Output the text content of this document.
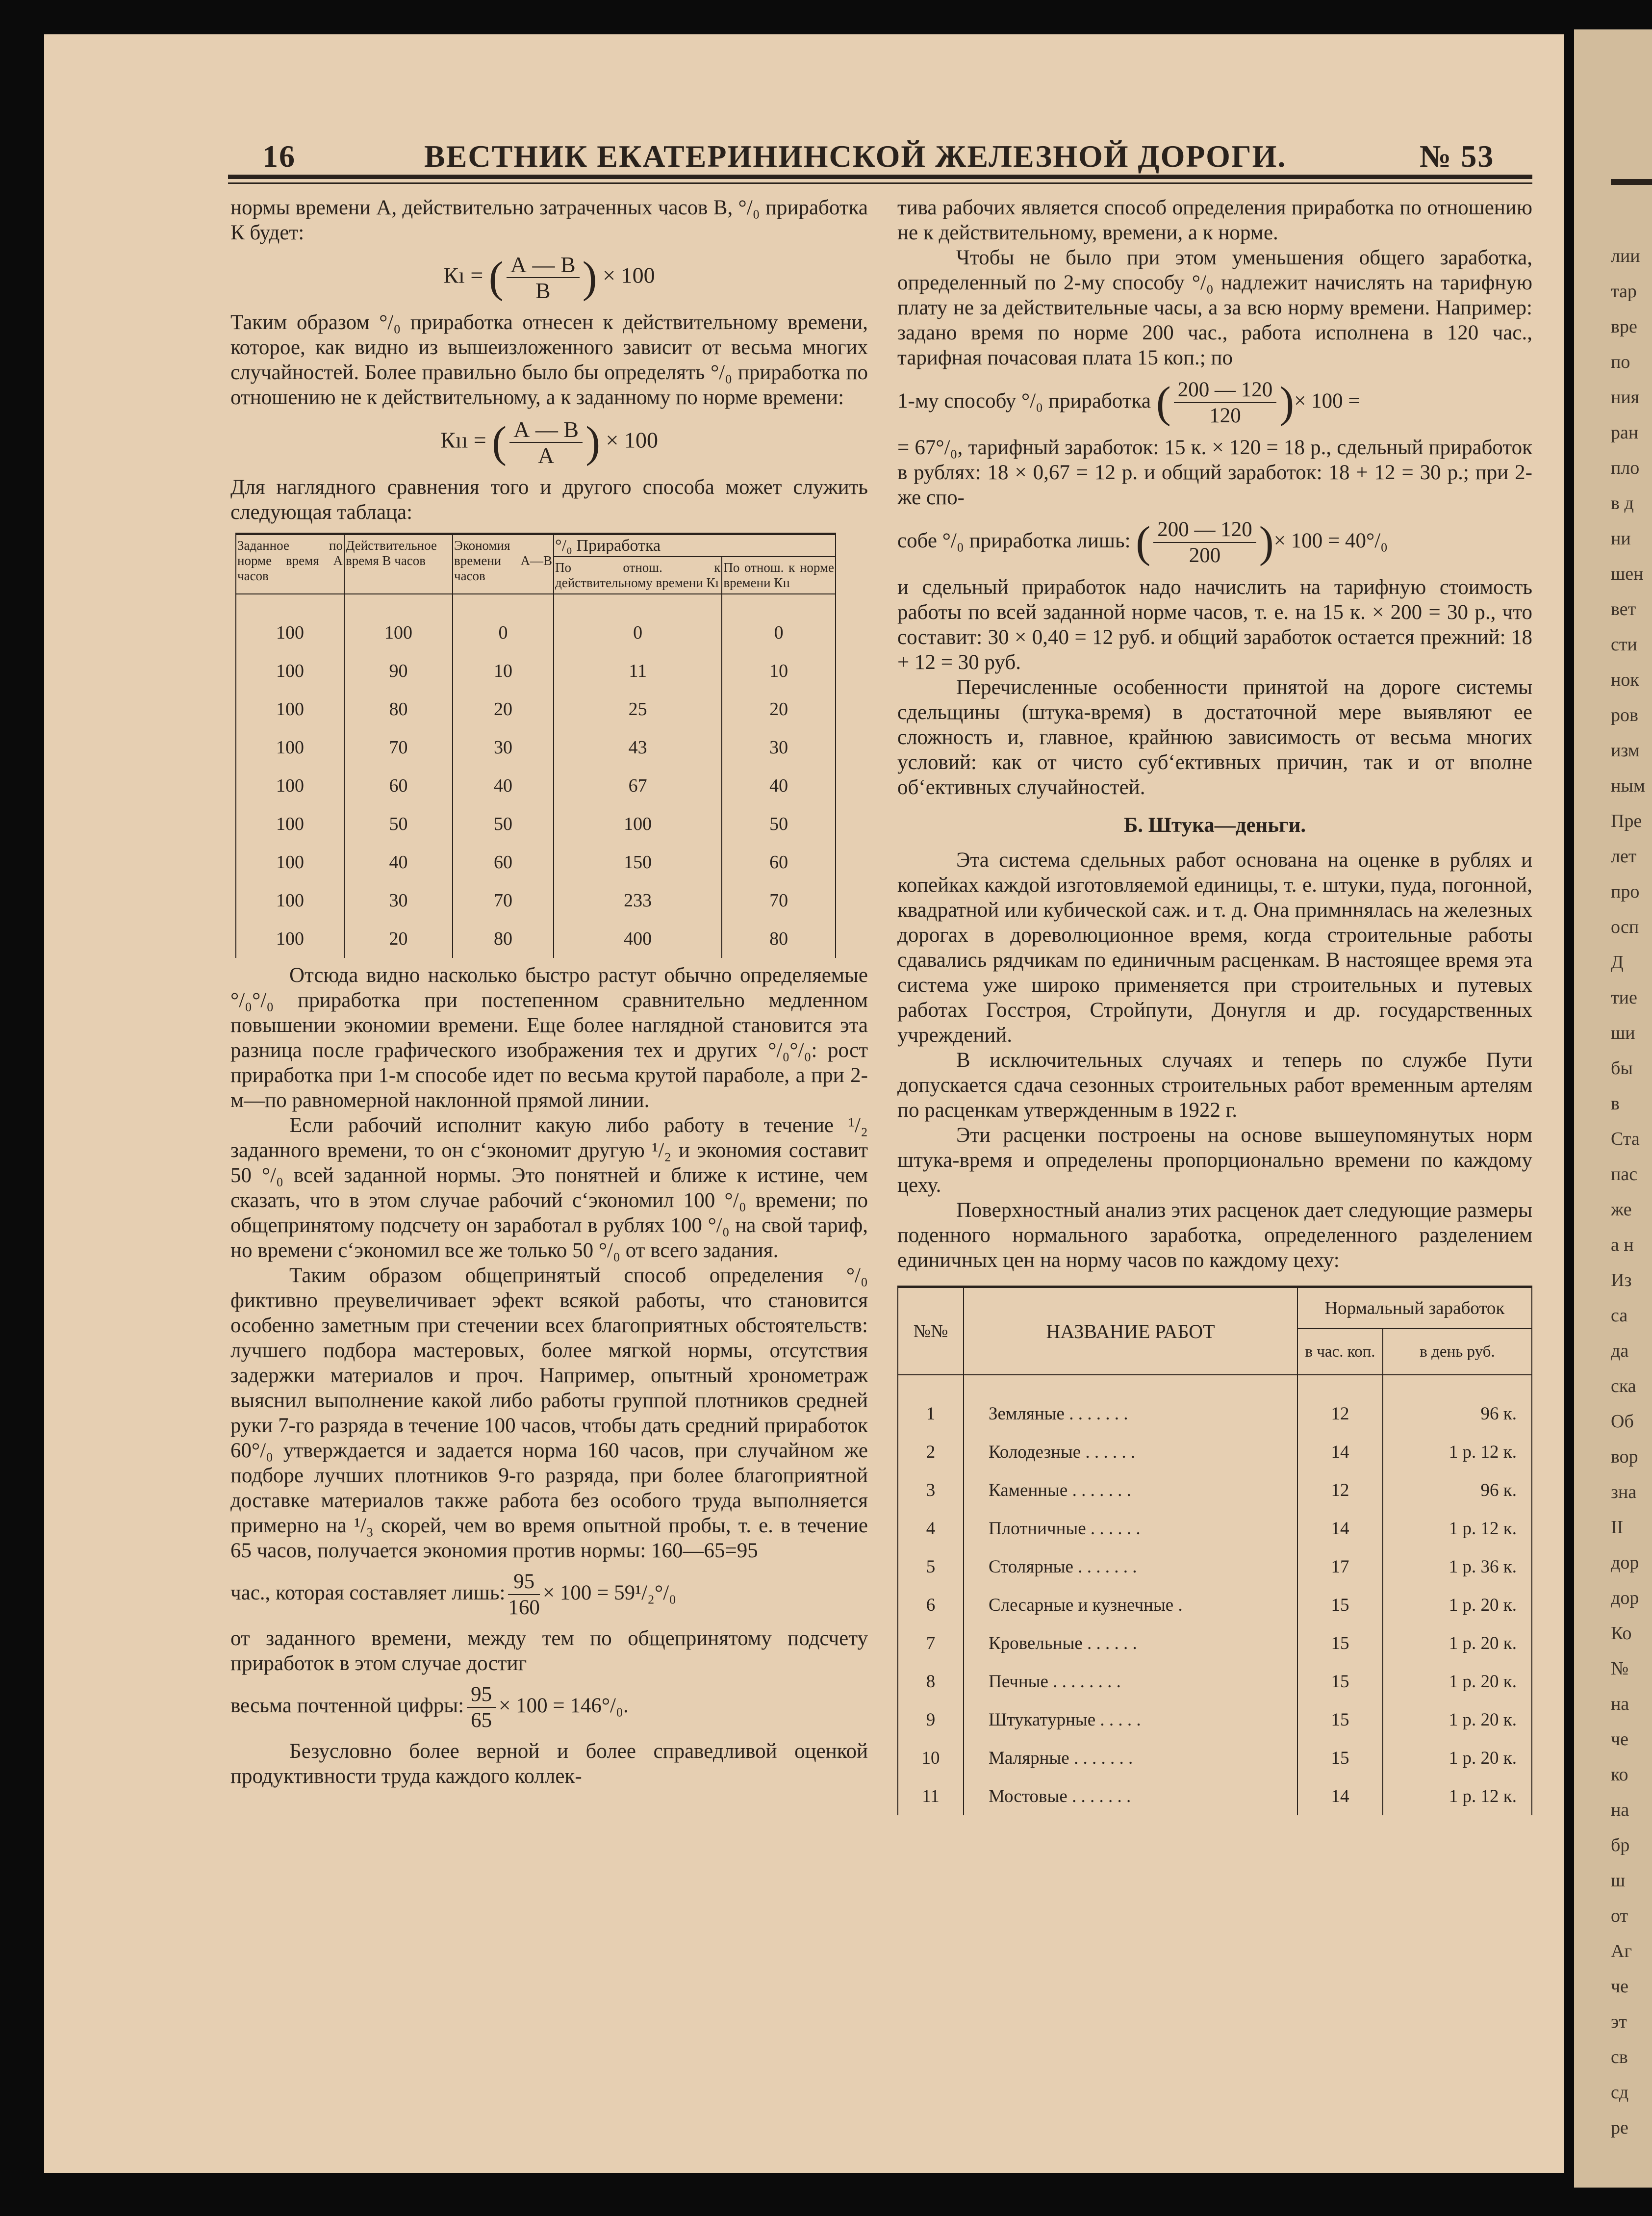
лии
тар
вре
по
ния
ран
пло
в д
ни
шен
вет
сти
нок
ров
изм
ным
Пре
лет
про
осп
Д
тие
ши
бы
в
Ста
пас
же
а н
Из
са
да
ска
Об
вор
зна
II
дор
дор
Ко
№
на
че
ко
на
бр
ш
от
Аг
че
эт
св
сд
ре
16	ВЕСТНИК ЕКАТЕРИНИНСКОЙ ЖЕЛЕЗНОЙ ДОРОГИ.	№ 53

нормы времени А, действительно затраченных часов В, °/₀ приработка К будет:

Кı = ( $\frac{А — В}{В}$ ) × 100

Таким образом °/₀ приработка отнесен к действительному времени, которое, как видно из вышеизложенного зависит от весьма многих случайностей. Более правильно было бы определять °/₀ приработка по отношению не к действительному, а к заданному по норме времени:

Кıı = ( $\frac{А — В}{А}$ ) × 100

Для наглядного сравнения того и другого способа может служить следующая таблаца:

Заданное по норме время А часов	Действительное время В часов	Экономия времени А—В часов	°/₀ Приработка	
			По отнош. к действительному времени Кı	По отнош. к норме времени Кıı
100	100	0	0	0
100	90	10	11	10
100	80	20	25	20
100	70	30	43	30
100	60	40	67	40
100	50	50	100	50
100	40	60	150	60
100	30	70	233	70
100	20	80	400	80

Отсюда видно насколько быстро растут обычно определяемые °/₀°/₀ приработка при постепенном сравнительно медленном повышении экономии времени. Еще более наглядной становится эта разница после графического изображения тех и других °/₀°/₀: рост приработка при 1-м способе идет по весьма крутой параболе, а при 2-м—по равномерной наклонной прямой линии.

Если рабочий исполнит какую либо работу в течение ¹/₂ заданного времени, то он с‘экономит другую ¹/₂ и экономия составит 50 °/₀ всей заданной нормы. Это понятней и ближе к истине, чем сказать, что в этом случае рабочий с‘экономил 100 °/₀ времени; по общепринятому подсчету он заработал в рублях 100 °/₀ на свой тариф, но времени с‘экономил все же только 50 °/₀ от всего задания.

Таким образом общепринятый способ определения °/₀ фиктивно преувеличивает эфект всякой работы, что становится особенно заметным при стечении всех благоприятных обстоятельств: лучшего подбора мастеровых, более мягкой нормы, отсутствия задержки материалов и проч. Например, опытный хронометраж выяснил выполнение какой либо работы группой плотников средней руки 7-го разряда в течение 100 часов, чтобы дать средний приработок 60°/₀ утверждается и задается норма 160 часов, при случайном же подборе лучших плотников 9-го разряда, при более благоприятной доставке материалов также работа без особого труда выполняется примерно на ¹/₃ скорей, чем во время опытной пробы, т. е. в течение 65 часов, получается экономия против нормы: 160—65=95

час., которая составляет лишь: $\frac{95}{160} \times 100 = 59^1/_2^\circ/_0$

от заданного времени, между тем по общепринятому подсчету приработок в этом случае достиг

весьма почтенной цифры: $\frac{95}{65} \times 100 = 146^\circ/_0$.

Безусловно более верной и более справедливой оценкой продуктивности труда каждого коллек-

тива рабочих является способ определения приработка по отношению не к действительному, времени, а к норме.

Чтобы не было при этом уменьшения общего заработка, определенный по 2-му способу °/₀ надлежит начислять на тарифную плату не за действительные часы, а за всю норму времени. Например: задано время по норме 200 час., работа исполнена в 120 час., тарифная почасовая плата 15 коп.; по

1-му способу °/₀ приработка ( $\frac{200 — 120}{120}$ )× 100 =

= 67°/₀, тарифный заработок: 15 к. × 120 = 18 р., сдельный приработок в рублях: 18 × 0,67 = 12 р. и общий заработок: 18 + 12 = 30 р.; при 2-же спо-

собе °/₀ приработка лишь: ( $\frac{200 — 120}{200}$ )× 100 = 40°/₀

и сдельный приработок надо начислить на тарифную стоимость работы по всей заданной норме часов, т. е. на 15 к. × 200 = 30 р., что составит: 30 × 0,40 = 12 руб. и общий заработок остается прежний: 18 + 12 = 30 руб.

Перечисленные особенности принятой на дороге системы сдельщины (штука-время) в достаточной мере выявляют ее сложность и, главное, крайнюю зависимость от весьма многих условий: как от чисто суб‘ективных причин, так и от вполне об‘ективных случайностей.

Б. Штука—деньги.

Эта система сдельных работ основана на оценке в рублях и копейках каждой изготовляемой единицы, т. е. штуки, пуда, погонной, квадратной или кубической саж. и т. д. Она примннялась на железных дорогах в дореволюционное время, когда строительные работы сдавались рядчикам по единичным расценкам. В настоящее время эта система уже широко применяется при строительных и путевых работах Госстроя, Стройпути, Донугля и др. государственных учреждений.

В исключительных случаях и теперь по службе Пути допускается сдача сезонных строительных работ временным артелям по расценкам утвержденным в 1922 г.

Эти расценки построены на основе вышеупомянутых норм штука-время и определены пропорционально времени по каждому цеху.

Поверхностный анализ этих расценок дает следующие размеры поденного нормального заработка, определенного разделением единичных цен на норму часов по каждому цеху:

№№	НАЗВАНИЕ РАБОТ	Нормальный заработок	
		в час. коп.	в день руб.
1	Земляные . . . . . . .	12	96 к.
2	Колодезные . . . . . .	14	1 р. 12 к.
3	Каменные . . . . . . .	12	96 к.
4	Плотничные . . . . . .	14	1 р. 12 к.
5	Столярные . . . . . . .	17	1 р. 36 к.
6	Слесарные и кузнечные .	15	1 р. 20 к.
7	Кровельные . . . . . .	15	1 р. 20 к.
8	Печные . . . . . . . .	15	1 р. 20 к.
9	Штукатурные . . . . .	15	1 р. 20 к.
10	Малярные . . . . . . .	15	1 р. 20 к.
11	Мостовые . . . . . . .	14	1 р. 12 к.
